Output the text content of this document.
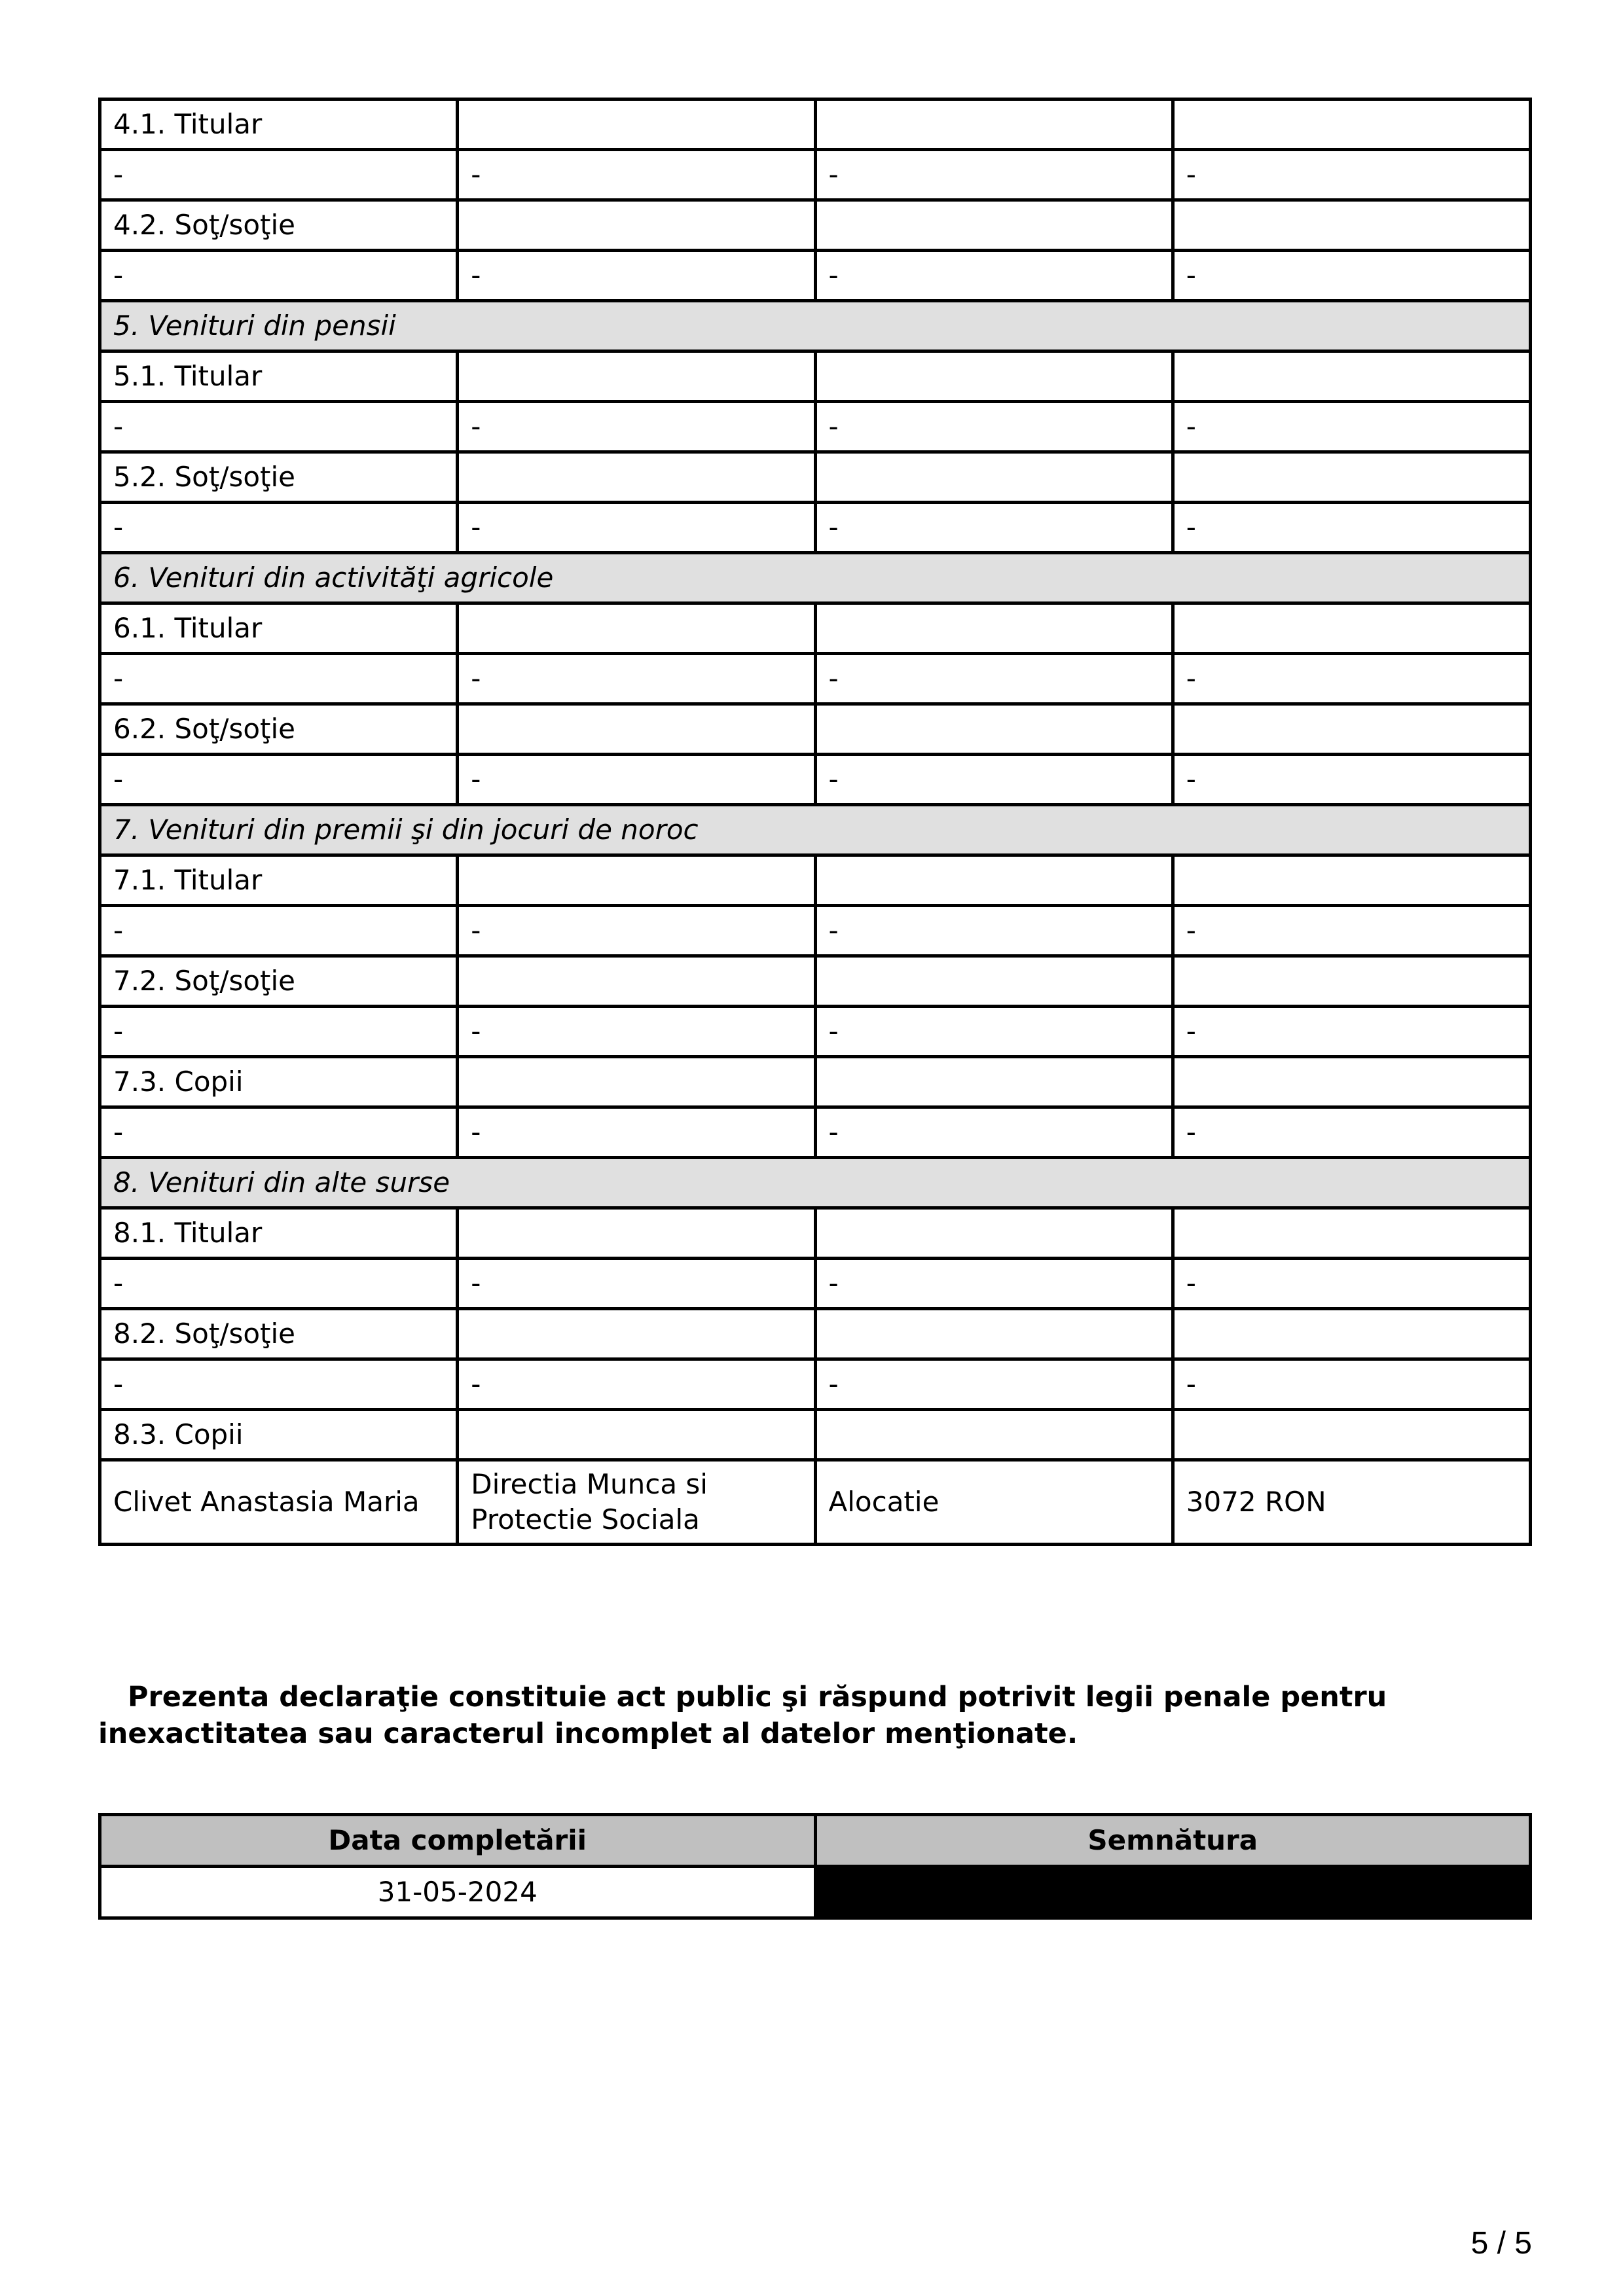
4.1. Titular			
-	-	-	-
4.2. Soţ/soţie			
-	-	-	-
5. Venituri din pensii			
5.1. Titular			
-	-	-	-
5.2. Soţ/soţie			
-	-	-	-
6. Venituri din activităţi agricole			
6.1. Titular			
-	-	-	-
6.2. Soţ/soţie			
-	-	-	-
7. Venituri din premii şi din jocuri de noroc			
7.1. Titular			
-	-	-	-
7.2. Soţ/soţie			
-	-	-	-
7.3. Copii			
-	-	-	-
8. Venituri din alte surse			
8.1. Titular			
-	-	-	-
8.2. Soţ/soţie			
-	-	-	-
8.3. Copii			
Clivet Anastasia Maria	Directia Munca si Protectie Sociala	Alocatie	3072 RON

Prezenta declaraţie constituie act public şi răspund potrivit legii penale pentru inexactitatea sau caracterul incomplet al datelor menţionate.

Data completării	Semnătura
31-05-2024	
5 / 5
